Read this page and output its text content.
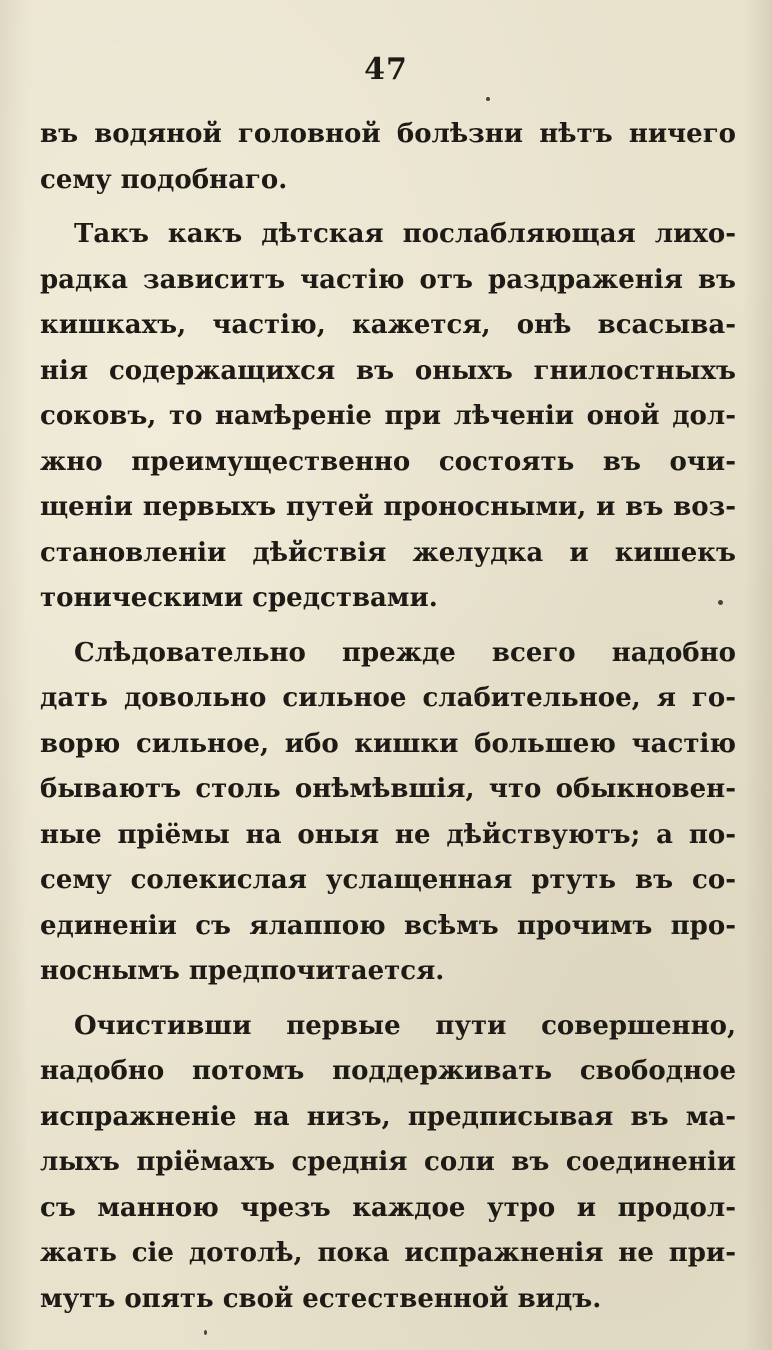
47
въ водяной головной болѣзни нѣтъ ничего
сему подобнаго.
Такъ какъ дѣтская послабляющая лихо-
радка зависитъ частію отъ раздраженія въ
кишкахъ, частію, кажется, онѣ всасыва-
нія содержащихся въ оныхъ гнилостныхъ
соковъ, то намѣреніе при лѣченіи оной дол-
жно преимущественно состоять въ очи-
щеніи первыхъ путей проносными, и въ воз-
становленіи дѣйствія желудка и кишекъ
тоническими средствами.
Слѣдовательно прежде всего надобно
дать довольно сильное слабительное, я го-
ворю сильное, ибо кишки большею частію
бываютъ столь онѣмѣвшія, что обыкновен-
ные пріёмы на оныя не дѣйствуютъ; а по-
сему солекислая услащенная ртуть въ со-
единеніи съ ялаппою всѣмъ прочимъ про-
носнымъ предпочитается.
Очистивши первые пути совершенно,
надобно потомъ поддерживать свободное
испражненіе на низъ, предписывая въ ма-
лыхъ пріёмахъ среднія соли въ соединеніи
съ манною чрезъ каждое утро и продол-
жать сіе дотолѣ, пока испражненія не при-
мутъ опять свой естественной видъ.
